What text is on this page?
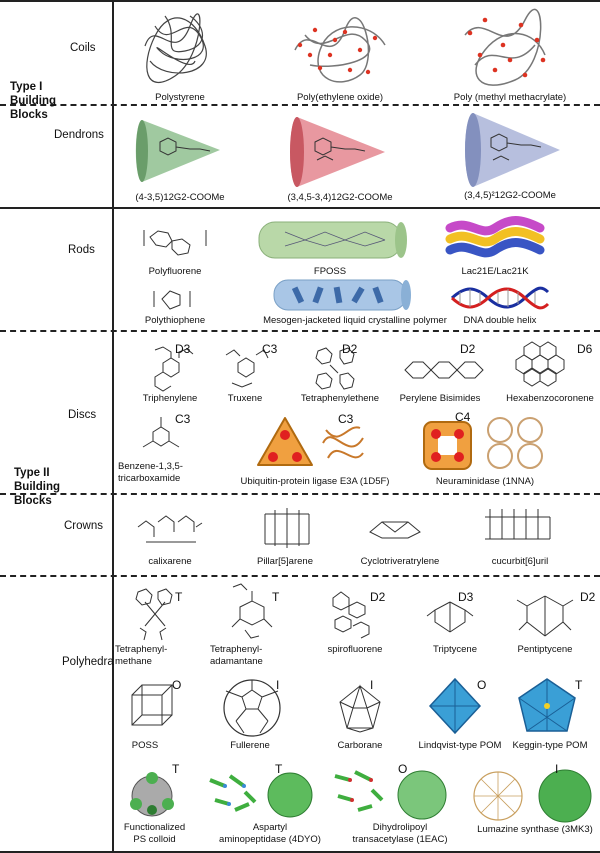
Type I
Building
Blocks
Type II
Building
Blocks
Coils
Dendrons
Rods
Discs
Crowns
Polyhedra
Polystyrene	Poly(ethylene oxide)	Poly (methyl methacrylate)
(4-3,5)12G2-COOMe	(3,4,5-3,4)12G2-COOMe	(3,4,5)²12G2-COOMe
Polyfluorene	FPOSS	Lac21E/Lac21K
Polythiophene	Mesogen-jacketed liquid crystalline polymer	DNA double helix
D3
Triphenylene
C3
Truxene
D2
Tetraphenylethene
D2
Perylene Bisimides
D6
Hexabenzocoronene
C3
Benzene-1,3,5-
tricarboxamide
C3
Ubiquitin-protein ligase E3A (1D5F)
C4
Neuraminidase (1NNA)
calixarene	Pillar[5]arene	Cyclotriveratrylene	cucurbit[6]uril
T
Tetraphenyl-
methane
T
Tetraphenyl-
adamantane
D2
spirofluorene
D3
Triptycene
D2
Pentiptycene
O
POSS
I
Fullerene
I
Carborane
O
Lindqvist-type POM
T
Keggin-type POM
T
Functionalized
PS colloid
T
Aspartyl
aminopeptidase (4DYO)
O
Dihydrolipoyl
transacetylase (1EAC)
I
Lumazine synthase (3MK3)
